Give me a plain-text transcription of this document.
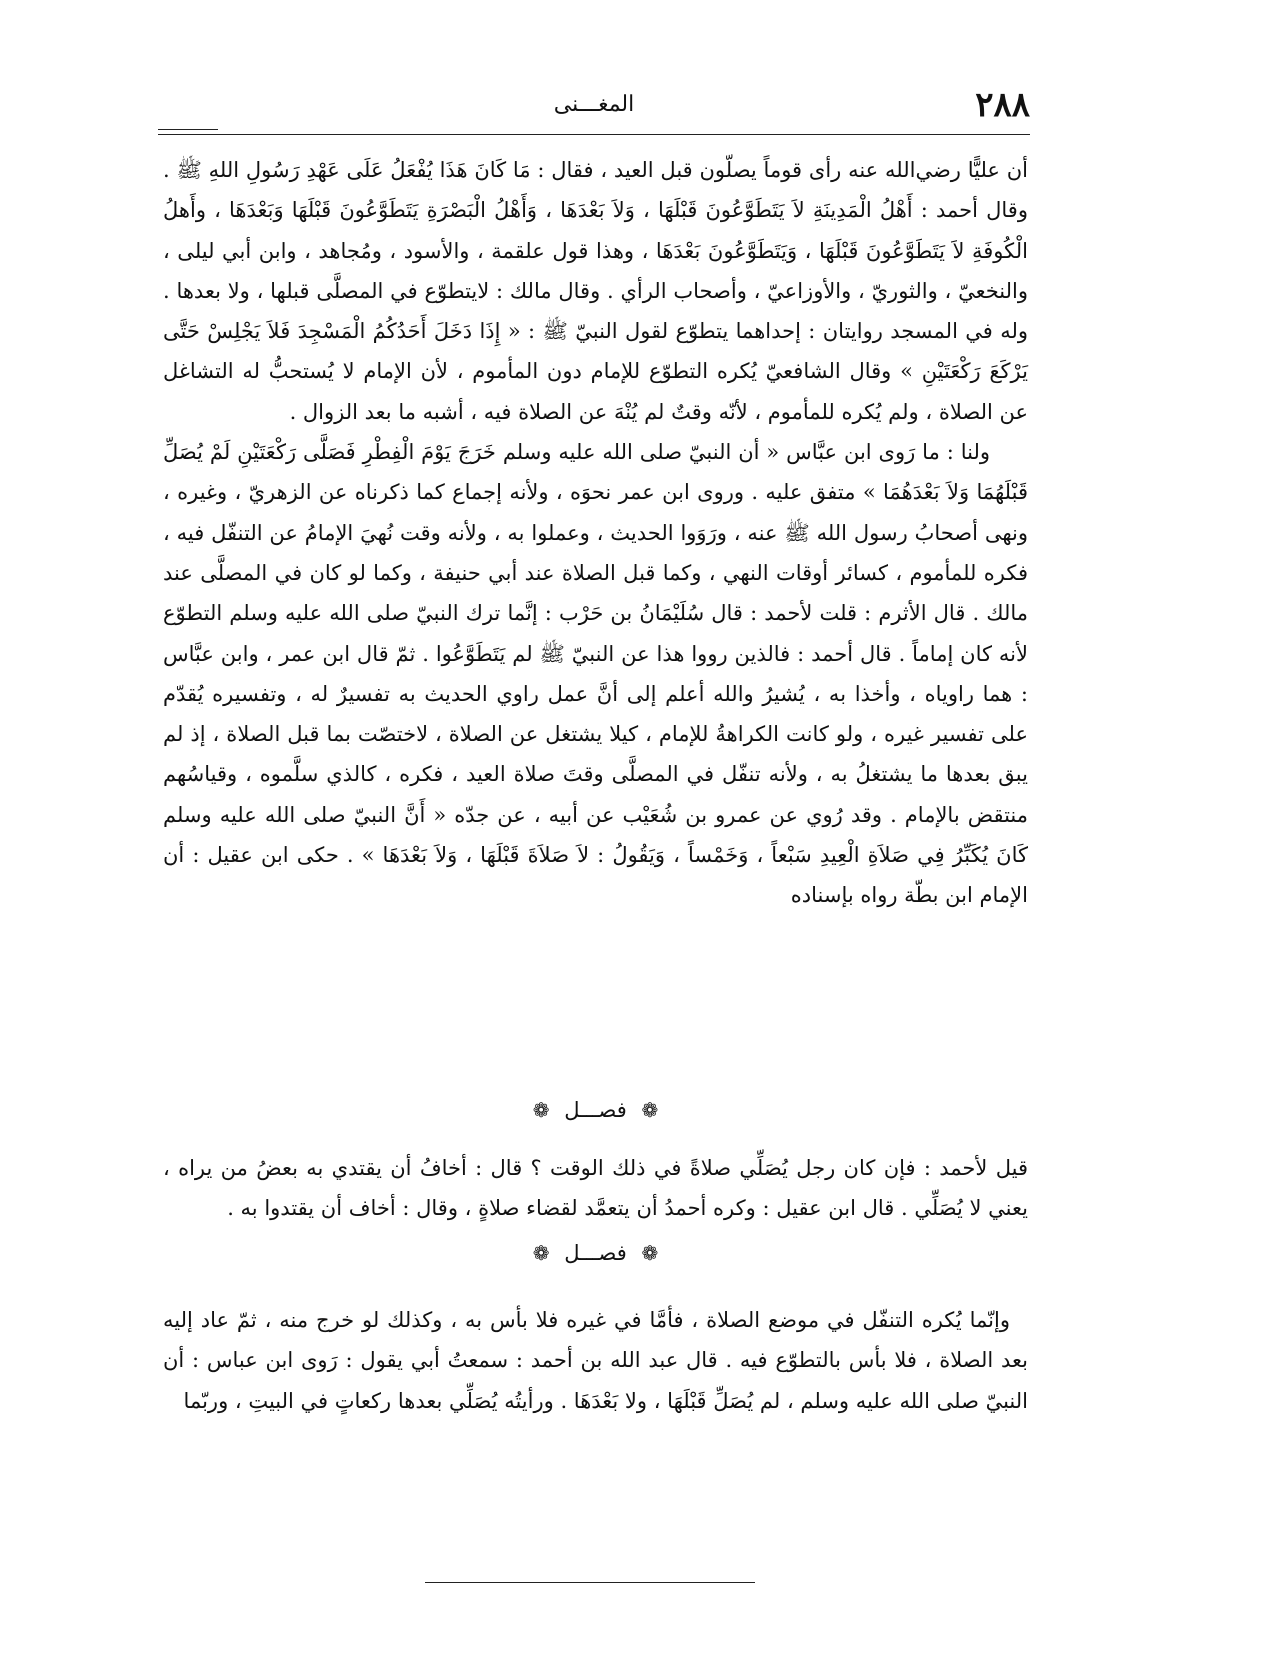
٢٨٨
المغـــنى

أن عليًّا رضي‌الله عنه رأى قوماً يصلّون قبل العيد ، فقال : مَا كَانَ هَذَا يُفْعَلُ عَلَى عَهْدِ رَسُولِ اللهِ ﷺ . وقال أحمد : أَهْلُ الْمَدِينَةِ لاَ يَتَطَوَّعُونَ قَبْلَهَا ، وَلاَ بَعْدَهَا ، وَأَهْلُ الْبَصْرَةِ يَتَطَوَّعُونَ قَبْلَهَا وَبَعْدَهَا ، وأَهلُ الْكُوفَةِ لاَ يَتَطَوَّعُونَ قَبْلَهَا ، وَيَتَطَوَّعُونَ بَعْدَهَا ، وهذا قول علقمة ، والأسود ، ومُجاهد ، وابن أبي ليلى ، والنخعيّ ، والثوريّ ، والأوزاعيّ ، وأصحاب الرأي . وقال مالك : لايتطوّع في المصلَّى قبلها ، ولا بعدها . وله في المسجد روايتان : إحداهما يتطوّع لقول النبيّ ﷺ : « إِذَا دَخَلَ أَحَدُكُمُ الْمَسْجِدَ فَلاَ يَجْلِسْ حَتَّى يَرْكَعَ رَكْعَتَيْنِ » وقال الشافعيّ يُكره التطوّع للإمام دون المأموم ، لأن الإمام لا يُستحبُّ له التشاغل عن الصلاة ، ولم يُكره للمأموم ، لأنّه وقتٌ لم يُنْهَ عن الصلاة فيه ، أشبه ما بعد الزوال .

ولنا : ما رَوى ابن عبَّاس « أن النبيّ صلى الله عليه وسلم خَرَجَ يَوْمَ الْفِطْرِ فَصَلَّى رَكْعَتَيْنِ لَمْ يُصَلِّ قَبْلَهُمَا وَلاَ بَعْدَهُمَا » متفق عليه . وروى ابن عمر نحوَه ، ولأنه إجماع كما ذكرناه عن الزهريّ ، وغيره ، ونهى أصحابُ رسول الله ﷺ عنه ، ورَوَوا الحديث ، وعملوا به ، ولأنه وقت نُهيَ الإمامُ عن التنفّل فيه ، فكره للمأموم ، كسائر أوقات النهي ، وكما قبل الصلاة عند أبي حنيفة ، وكما لو كان في المصلَّى عند مالك . قال الأثرم : قلت لأحمد : قال سُلَيْمَانُ بن حَرْب : إنَّما ترك النبيّ صلى الله عليه وسلم التطوّع لأنه كان إماماً . قال أحمد : فالذين رووا هذا عن النبيّ ﷺ لم يَتَطَوَّعُوا . ثمّ قال ابن عمر ، وابن عبَّاس : هما راوياه ، وأخذا به ، يُشيرُ والله أعلم إلى أنَّ عمل راوي الحديث به تفسيرٌ له ، وتفسيره يُقدّم على تفسير غيره ، ولو كانت الكراهةُ للإمام ، كيلا يشتغل عن الصلاة ، لاختصّت بما قبل الصلاة ، إذ لم يبق بعدها ما يشتغلُ به ، ولأنه تنفّل في المصلَّى وقتَ صلاة العيد ، فكره ، كالذي سلَّموه ، وقياسُهم منتقض بالإمام . وقد رُوي عن عمرو بن شُعَيْب عن أبيه ، عن جدّه « أَنَّ النبيّ صلى الله عليه وسلم كَانَ يُكَبِّرُ فِي صَلاَةِ الْعِيدِ سَبْعاً ، وَخَمْساً ، وَيَقُولُ : لاَ صَلاَةَ قَبْلَهَا ، وَلاَ بَعْدَهَا » . حكى ابن عقيل : أن الإمام ابن بطّة رواه بإسناده

❁ فصـــل ❁

قيل لأحمد : فإن كان رجل يُصَلِّي صلاةً في ذلك الوقت ؟ قال : أخافُ أن يقتدي به بعضُ من يراه ، يعني لا يُصَلِّي . قال ابن عقيل : وكره أحمدُ أن يتعمَّد لقضاء صلاةٍ ، وقال : أخاف أن يقتدوا به .

❁ فصـــل ❁

وإنّما يُكره التنفّل في موضع الصلاة ، فأمَّا في غيره فلا بأس به ، وكذلك لو خرج منه ، ثمّ عاد إليه بعد الصلاة ، فلا بأس بالتطوّع فيه . قال عبد الله بن أحمد : سمعتُ أبي يقول : رَوى ابن عباس : أن النبيّ صلى الله عليه وسلم ، لم يُصَلِّ قَبْلَهَا ، ولا بَعْدَهَا . ورأيتُه يُصَلِّي بعدها ركعاتٍ في البيتِ ، وربّما
